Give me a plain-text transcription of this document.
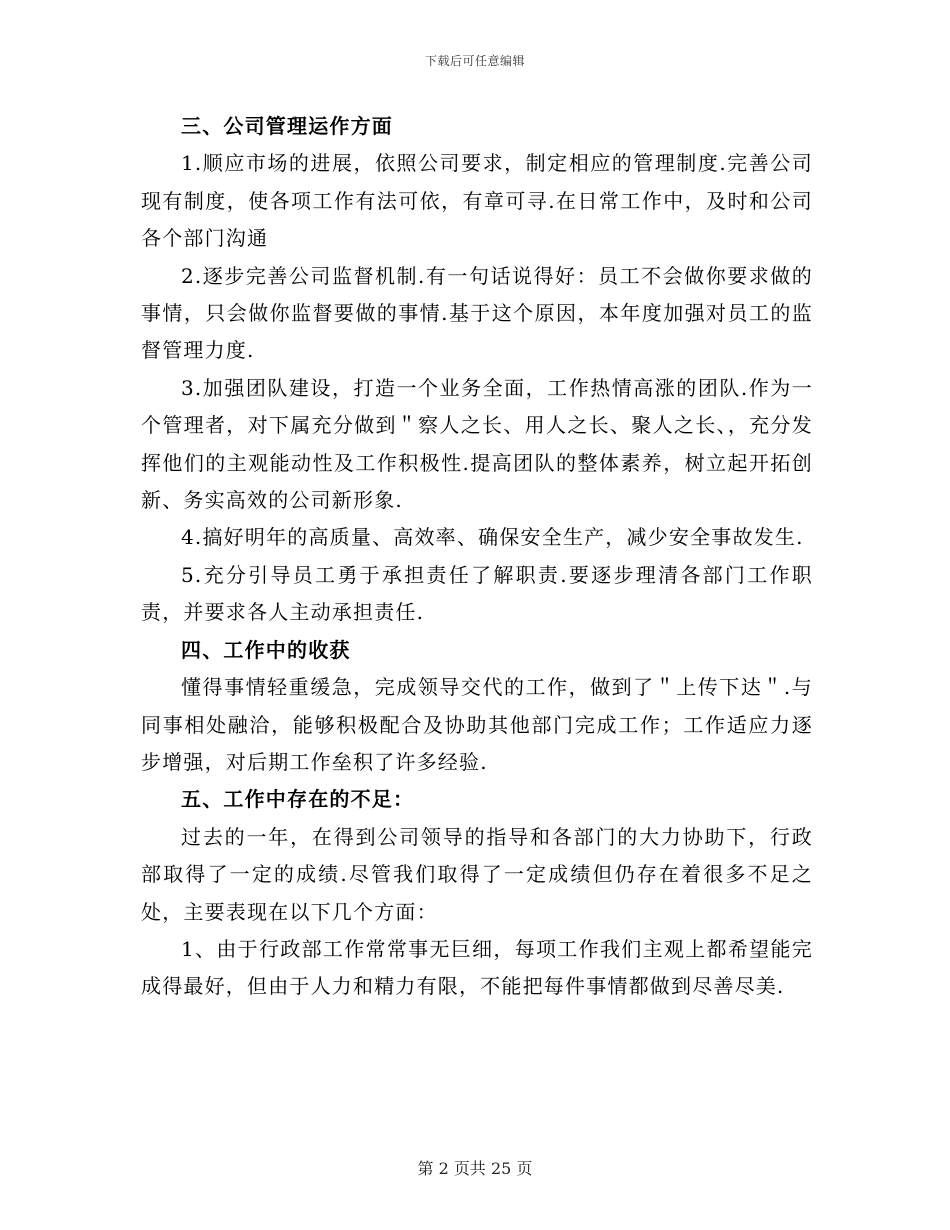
下载后可任意编辑

三、公司管理运作方面

1.顺应市场的进展，依照公司要求，制定相应的管理制度.完善公司现有制度，使各项工作有法可依，有章可寻.在日常工作中，及时和公司各个部门沟通

2.逐步完善公司监督机制.有一句话说得好：员工不会做你要求做的事情，只会做你监督要做的事情.基于这个原因，本年度加强对员工的监督管理力度.

3.加强团队建设，打造一个业务全面，工作热情高涨的团队.作为一个管理者，对下属充分做到＂察人之长、用人之长、聚人之长、，充分发挥他们的主观能动性及工作积极性.提高团队的整体素养，树立起开拓创新、务实高效的公司新形象.

4.搞好明年的高质量、高效率、确保安全生产，减少安全事故发生.

5.充分引导员工勇于承担责任了解职责.要逐步理清各部门工作职责，并要求各人主动承担责任.

四、工作中的收获

懂得事情轻重缓急，完成领导交代的工作，做到了＂上传下达＂.与同事相处融洽，能够积极配合及协助其他部门完成工作；工作适应力逐步增强，对后期工作垒积了许多经验.

五、工作中存在的不足：

过去的一年，在得到公司领导的指导和各部门的大力协助下，行政部取得了一定的成绩.尽管我们取得了一定成绩但仍存在着很多不足之处，主要表现在以下几个方面：

1、由于行政部工作常常事无巨细，每项工作我们主观上都希望能完成得最好，但由于人力和精力有限，不能把每件事情都做到尽善尽美.

第 2 页共 25 页
